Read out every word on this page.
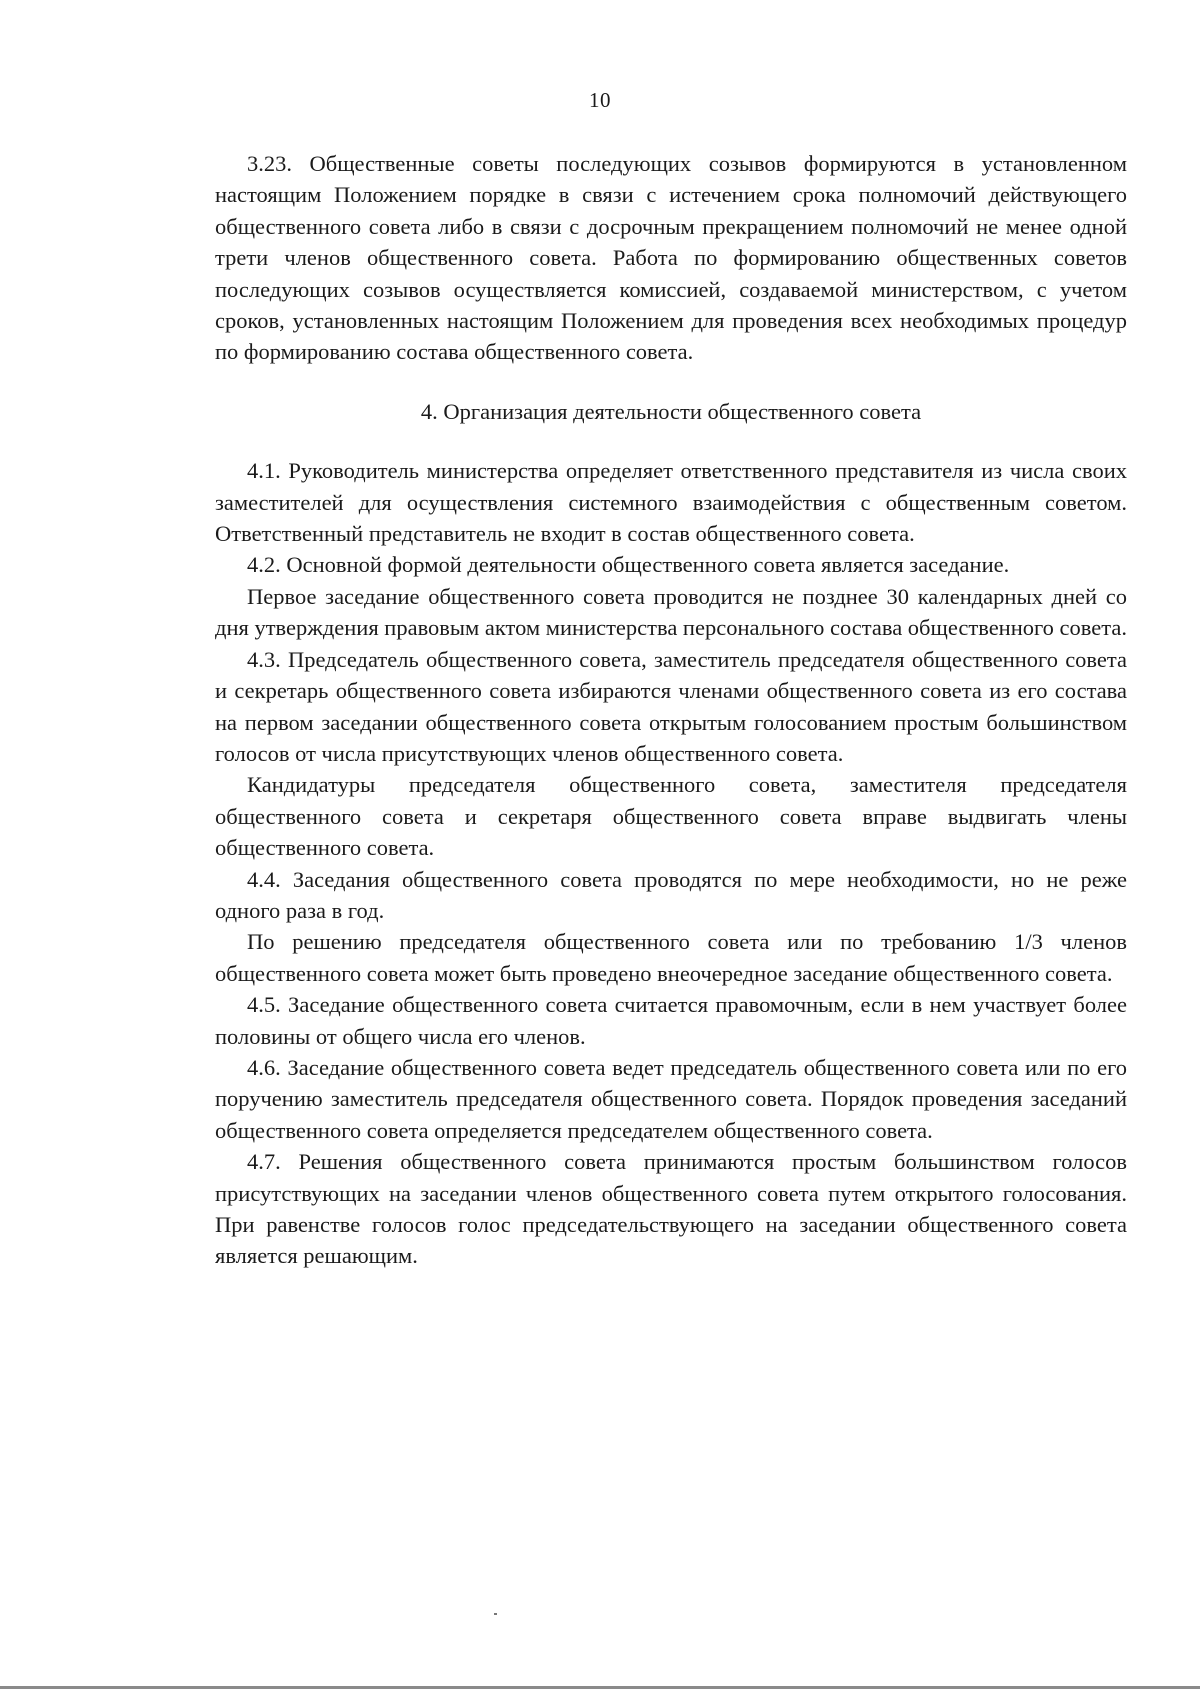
10

3.23. Общественные советы последующих созывов формируются в установленном настоящим Положением порядке в связи с истечением срока полномочий действующего общественного совета либо в связи с досрочным прекращением полномочий не менее одной трети членов общественного совета. Работа по формированию общественных советов последующих созывов осуществляется комиссией, создаваемой министерством, с учетом сроков, установленных настоящим Положением для проведения всех необходимых процедур по формированию состава общественного совета.

4. Организация деятельности общественного совета

4.1. Руководитель министерства определяет ответственного представителя из числа своих заместителей для осуществления системного взаимодействия с общественным советом. Ответственный представитель не входит в состав общественного совета.

4.2. Основной формой деятельности общественного совета является заседание.

Первое заседание общественного совета проводится не позднее 30 календарных дней со дня утверждения правовым актом министерства персонального состава общественного совета.

4.3. Председатель общественного совета, заместитель председателя общественного совета и секретарь общественного совета избираются членами общественного совета из его состава на первом заседании общественного совета открытым голосованием простым большинством голосов от числа присутствующих членов общественного совета.

Кандидатуры председателя общественного совета, заместителя председателя общественного совета и секретаря общественного совета вправе выдвигать члены общественного совета.

4.4. Заседания общественного совета проводятся по мере необходимости, но не реже одного раза в год.

По решению председателя общественного совета или по требованию 1/3 членов общественного совета может быть проведено внеочередное заседание общественного совета.

4.5. Заседание общественного совета считается правомочным, если в нем участвует более половины от общего числа его членов.

4.6. Заседание общественного совета ведет председатель общественного совета или по его поручению заместитель председателя общественного совета. Порядок проведения заседаний общественного совета определяется председателем общественного совета.

4.7. Решения общественного совета принимаются простым большинством голосов присутствующих на заседании членов общественного совета путем открытого голосования. При равенстве голосов голос председательствующего на заседании общественного совета является решающим.
